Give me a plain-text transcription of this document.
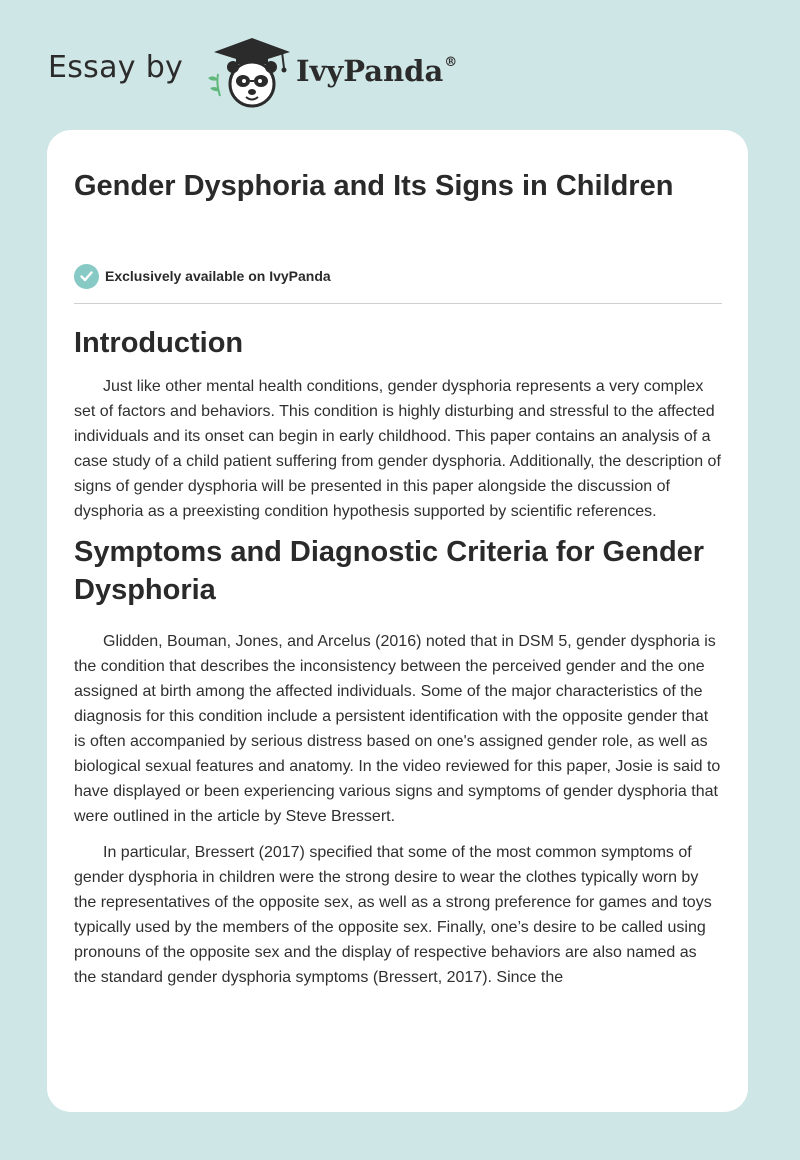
Essay by	IvyPanda®
Gender Dysphoria and Its Signs in Children
Exclusively available on IvyPanda
Introduction

Just like other mental health conditions, gender dysphoria represents a very complex set of factors and behaviors. This condition is highly disturbing and stressful to the affected individuals and its onset can begin in early childhood. This paper contains an analysis of a case study of a child patient suffering from gender dysphoria. Additionally, the description of signs of gender dysphoria will be presented in this paper alongside the discussion of dysphoria as a preexisting condition hypothesis supported by scientific references.

Symptoms and Diagnostic Criteria for Gender Dysphoria

Glidden, Bouman, Jones, and Arcelus (2016) noted that in DSM 5, gender dysphoria is the condition that describes the inconsistency between the perceived gender and the one assigned at birth among the affected individuals. Some of the major characteristics of the diagnosis for this condition include a persistent identification with the opposite gender that is often accompanied by serious distress based on one's assigned gender role, as well as biological sexual features and anatomy. In the video reviewed for this paper, Josie is said to have displayed or been experiencing various signs and symptoms of gender dysphoria that were outlined in the article by Steve Bressert.

In particular, Bressert (2017) specified that some of the most common symptoms of gender dysphoria in children were the strong desire to wear the clothes typically worn by the representatives of the opposite sex, as well as a strong preference for games and toys typically used by the members of the opposite sex. Finally, one’s desire to be called using pronouns of the opposite sex and the display of respective behaviors are also named as the standard gender dysphoria symptoms (Bressert, 2017). Since the
